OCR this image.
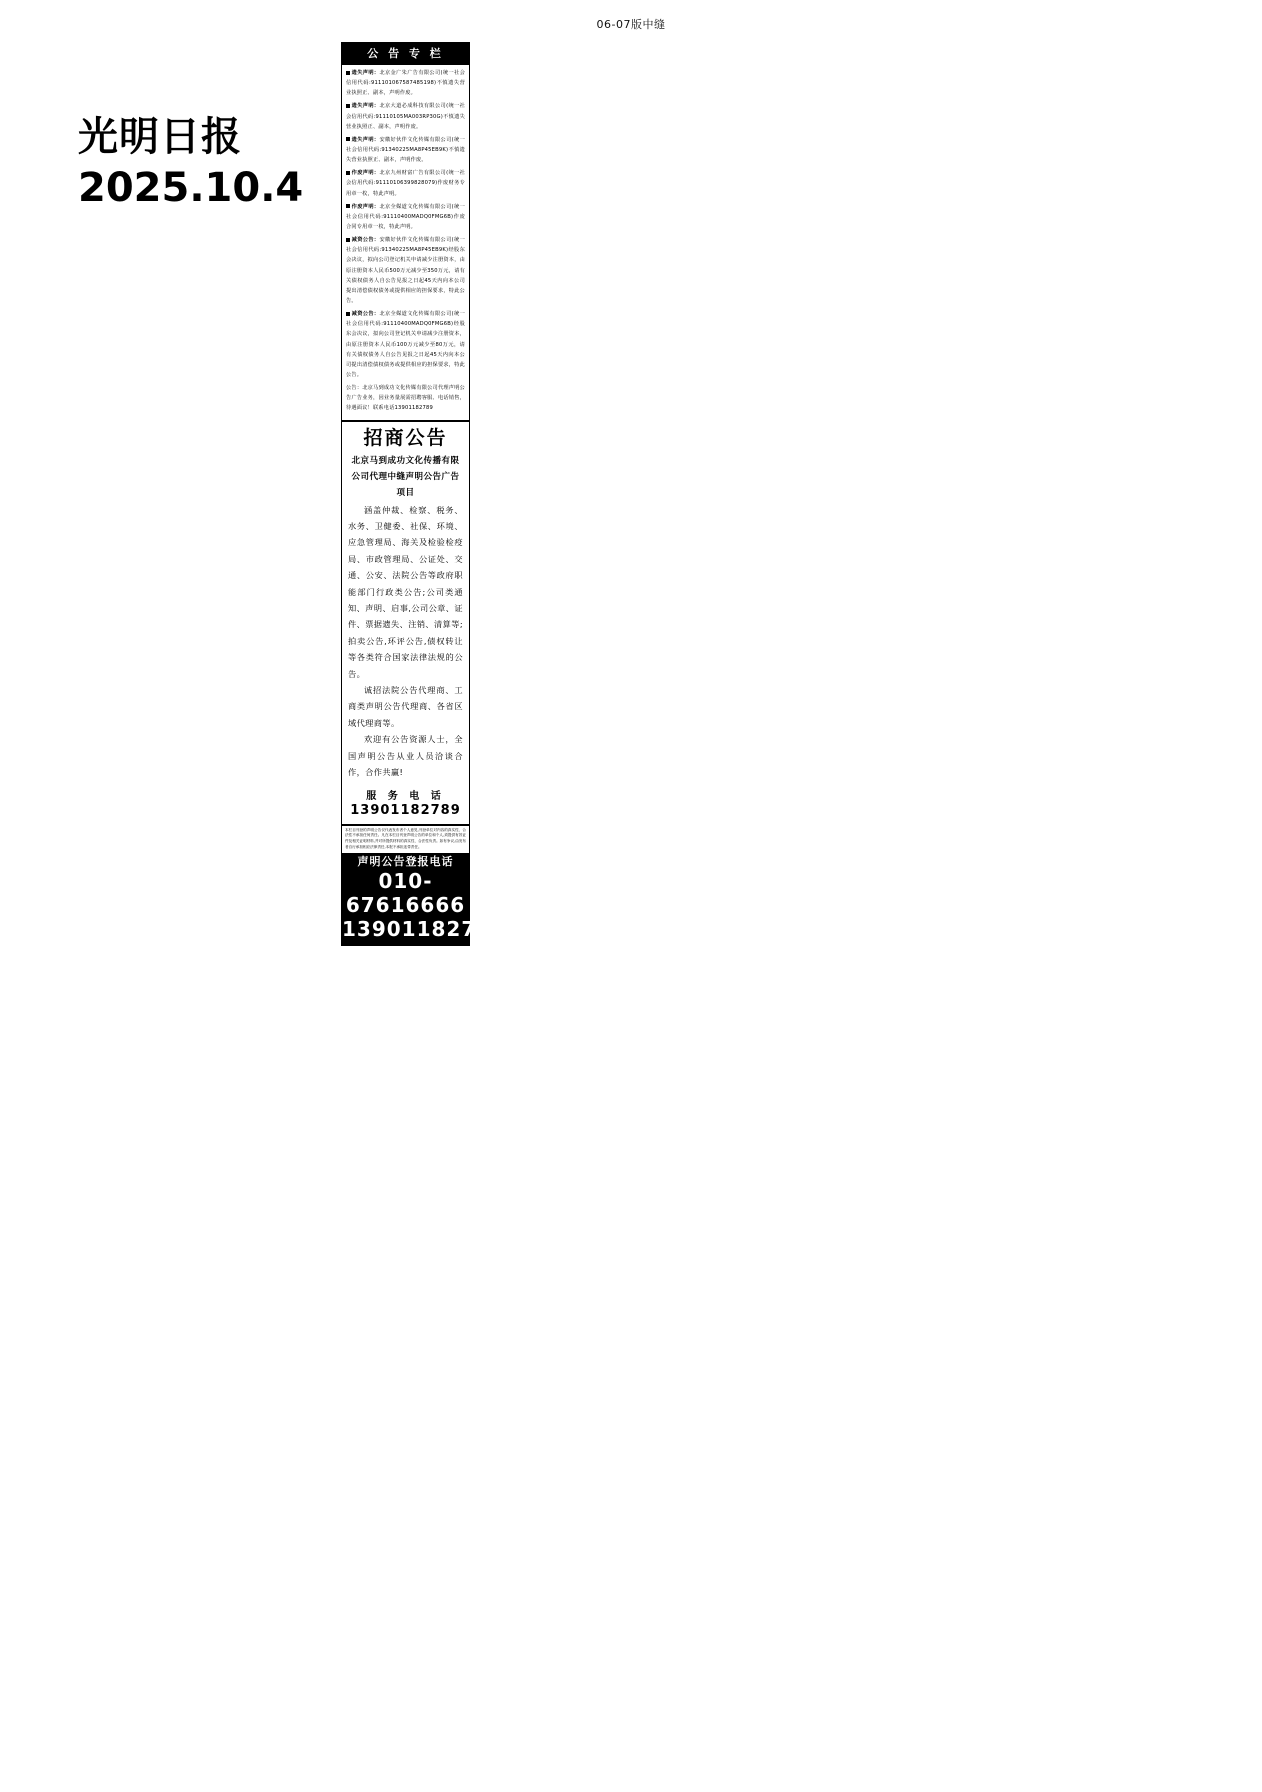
06-07版中缝
光明日报
2025.10.4
公 告 专 栏

遗失声明：北京金广朱广告有限公司(统一社会信用代码:911101067587485198)不慎遗失营业执照正、副本，声明作废。

遗失声明：北京大道必成科技有限公司(统一社会信用代码:91110105MA003RP30G)不慎遗失营业执照正、副本，声明作废。

遗失声明：安徽好伙伴文化传媒有限公司(统一社会信用代码:91340225MA8P45EB9K)不慎遗失营业执照正、副本，声明作废。

作废声明：北京九州财富广告有限公司(统一社会信用代码:91110106399828079)作废财务专用章一枚，特此声明。

作废声明：北京全媒道文化传媒有限公司(统一社会信用代码:91110400MADQ0FMG6B)作废合同专用章一枚，特此声明。

减资公告：安徽好伙伴文化传媒有限公司(统一社会信用代码:91340225MA8P45EB9K)经股东会决议，拟向公司登记机关申请减少注册资本，由原注册资本人民币500万元减少至350万元，请有关债权债务人自公告见报之日起45天内向本公司提出清偿债权债务或提供相应的担保要求，特此公告。

减资公告：北京全媒道文化传媒有限公司(统一社会信用代码:91110400MADQ0FMG6B)经股东会决议，拟向公司登记机关申请减少注册资本，由原注册资本人民币100万元减少至80万元，请有关债权债务人自公告见报之日起45天内向本公司提出清偿债权债务或提供相应的担保要求，特此公告。

公告：北京马到成功文化传媒有限公司代理声明公告广告业务，因业务量展需招聘客服、电话销售，待遇面议！联系电话13901182789

招商公告
北京马到成功文化传播有限公司代理中缝声明公告广告项目

涵盖仲裁、检察、税务、水务、卫健委、社保、环境、应急管理局、海关及检验检疫局、市政管理局、公证处、交通、公安、法院公告等政府职能部门行政类公告;公司类通知、声明、启事,公司公章、证件、票据遗失、注销、清算等;拍卖公告,环评公告,债权转让等各类符合国家法律法规的公告。

诚招法院公告代理商、工商类声明公告代理商、各省区域代理商等。

欢迎有公告资源人士，全国声明公告从业人员洽谈合作，合作共赢!

服 务 电 话
13901182789
本栏目刊登的声明公告仅代表发布者个人意见,刊登单位对内容的真实性、合法性不承担任何责任。凡在本栏目刊登声明公告的单位和个人,须提供有效证件及相关证明材料,并对所提供材料的真实性、合法性负责。如有争议,由发布者自行承担相应法律责任,本报不承担连带责任。
声明公告登报电话
010-67616666
13901182789
